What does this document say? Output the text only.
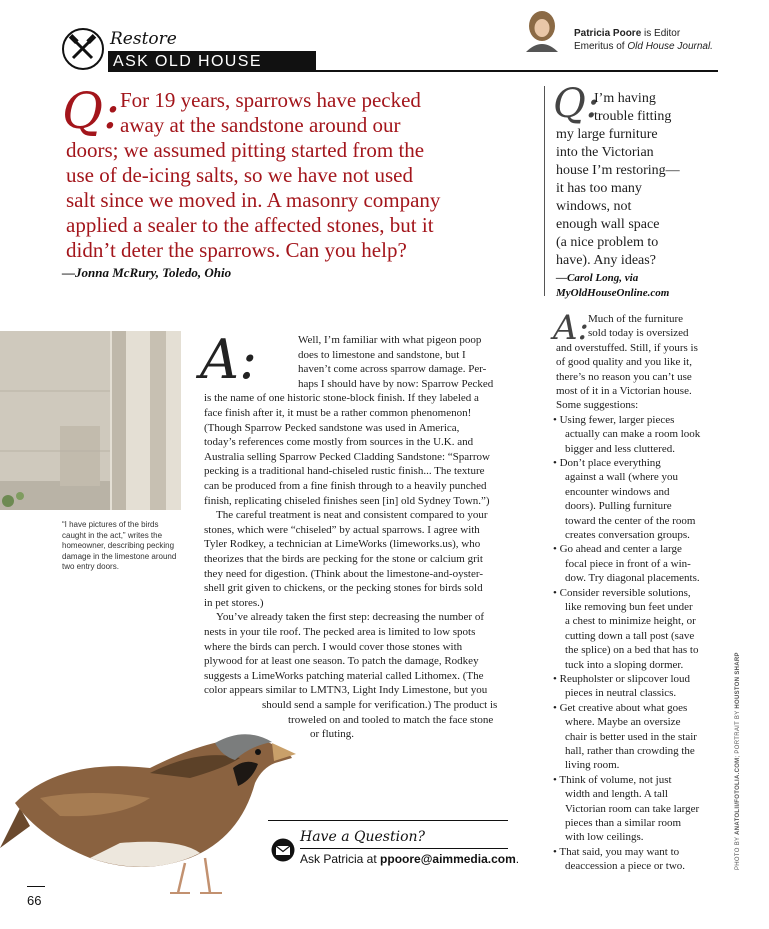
Restore
ASK OLD HOUSE JOURNAL
Patricia Poore is Editor
Emeritus of Old House Journal.
Q: For 19 years, sparrows have pecked
away at the sandstone around our
doors; we assumed pitting started from the
use of de-icing salts, so we have not used
salt since we moved in. A masonry company
applied a sealer to the affected stones, but it
didn’t deter the sparrows. Can you help?
—Jonna McRury, Toledo, Ohio
“I have pictures of the birds caught in the act,” writes the homeowner, describing pecking damage in the limestone around two entry doors.
A:	Well, I’m familiar with what pigeon poop
does to limestone and sandstone, but I
haven’t come across sparrow damage. Per-
haps I should have by now: Sparrow Pecked
is the name of one historic stone-block finish. If they labeled a
face finish after it, it must be a rather common phenomenon!
(Though Sparrow Pecked sandstone was used in America,
today’s references come mostly from sources in the U.K. and
Australia selling Sparrow Pecked Cladding Sandstone: “Sparrow
pecking is a traditional hand-chiseled rustic finish... The texture
can be produced from a fine finish through to a heavily punched
finish, replicating chiseled finishes seen [in] old Sydney Town.”)
The careful treatment is neat and consistent compared to your
stones, which were “chiseled” by actual sparrows. I agree with
Tyler Rodkey, a technician at LimeWorks (limeworks.us), who
theorizes that the birds are pecking for the stone or calcium grit
they need for digestion. (Think about the limestone-and-oyster-
shell grit given to chickens, or the pecking stones for birds sold
in pet stores.)
You’ve already taken the first step: decreasing the number of
nests in your tile roof. The pecked area is limited to low spots
where the birds can perch. I would cover those stones with
plywood for at least one season. To patch the damage, Rodkey
suggests a LimeWorks patching material called Lithomex. (The
color appears similar to LMTN3, Light Indy Limestone, but you
should send a sample for verification.) The product is
troweled on and tooled to match the face stone
or fluting.
Have a Question?
Ask Patricia at ppoore@aimmedia.com.
66
Q:
I’m having
trouble fitting
my large furniture
into the Victorian
house I’m restoring—
it has too many
windows, not
enough wall space
(a nice problem to
have). Any ideas?
—Carol Long, via
MyOldHouseOnline.com
A:
Much of the furniture
sold today is oversized
and overstuffed. Still, if yours is
of good quality and you like it,
there’s no reason you can’t use
most of it in a Victorian house.
Some suggestions:
• Using fewer, larger pieces
actually can make a room look
bigger and less cluttered.
• Don’t place everything
against a wall (where you
encounter windows and
doors). Pulling furniture
toward the center of the room
creates conversation groups.
• Go ahead and center a large
focal piece in front of a win-
dow. Try diagonal placements.
• Consider reversible solutions,
like removing bun feet under
a chest to minimize height, or
cutting down a tall post (save
the splice) on a bed that has to
tuck into a sloping dormer.
• Reupholster or slipcover loud
pieces in neutral classics.
• Get creative about what goes
where. Maybe an oversize
chair is better used in the stair
hall, rather than crowding the
living room.
• Think of volume, not just
width and length. A tall
Victorian room can take larger
pieces than a similar room
with low ceilings.
• That said, you may want to
deaccession a piece or two.	PHOTO BY ANATOLII/FOTOLIA.COM; PORTRAIT BY HOUSTON SHARP
